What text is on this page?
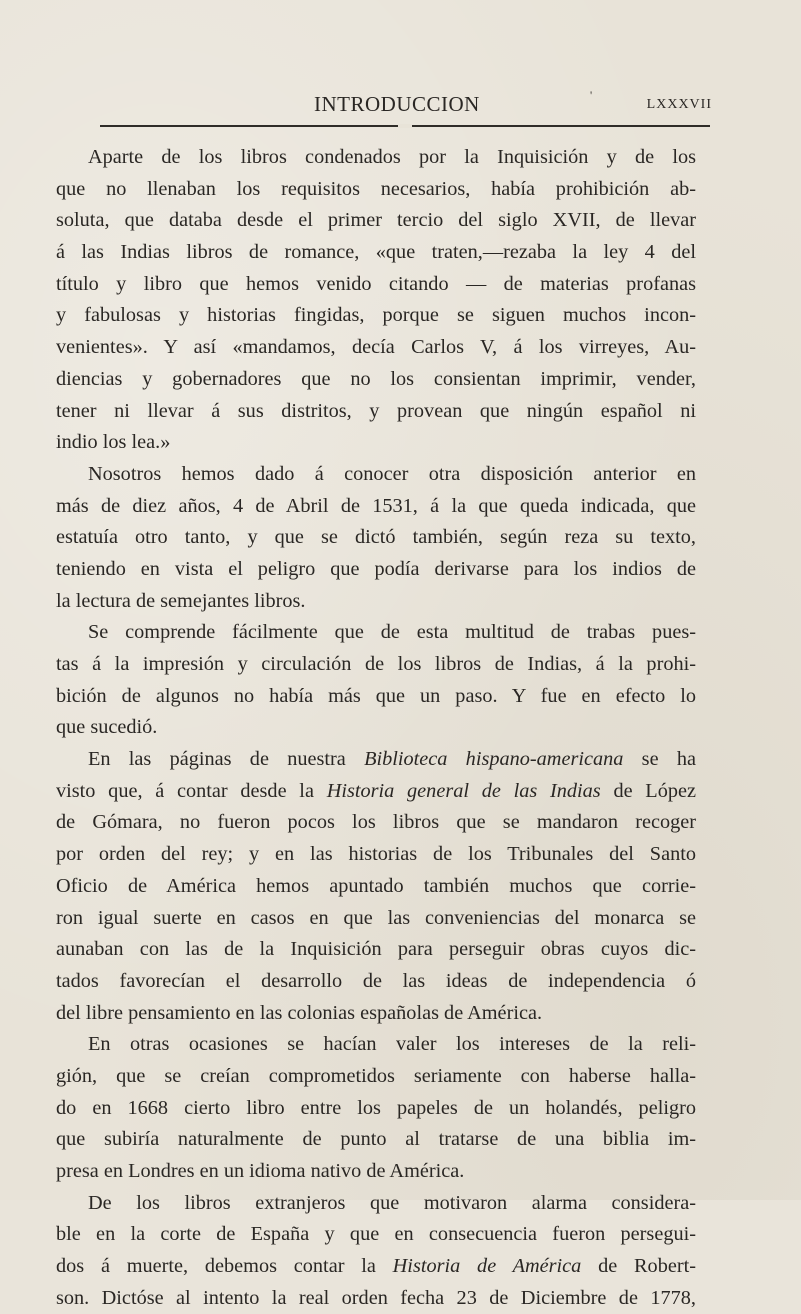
INTRODUCCION	'
LXXXVII
Aparte de los libros condenados por la Inquisición y de los
que no llenaban los requisitos necesarios, había prohibición ab-
soluta, que databa desde el primer tercio del siglo XVII, de llevar
á las Indias libros de romance, «que traten,—rezaba la ley 4 del
título y libro que hemos venido citando — de materias profanas
y fabulosas y historias fingidas, porque se siguen muchos incon-
venientes». Y así «mandamos, decía Carlos V, á los virreyes, Au-
diencias y gobernadores que no los consientan imprimir, vender,
tener ni llevar á sus distritos, y provean que ningún español ni
indio los lea.»
Nosotros hemos dado á conocer otra disposición anterior en
más de diez años, 4 de Abril de 1531, á la que queda indicada, que
estatuía otro tanto, y que se dictó también, según reza su texto,
teniendo en vista el peligro que podía derivarse para los indios de
la lectura de semejantes libros.
Se comprende fácilmente que de esta multitud de trabas pues-
tas á la impresión y circulación de los libros de Indias, á la prohi-
bición de algunos no había más que un paso. Y fue en efecto lo
que sucedió.
En las páginas de nuestra Biblioteca hispano-americana se ha
visto que, á contar desde la Historia general de las Indias de López
de Gómara, no fueron pocos los libros que se mandaron recoger
por orden del rey; y en las historias de los Tribunales del Santo
Oficio de América hemos apuntado también muchos que corrie-
ron igual suerte en casos en que las conveniencias del monarca se
aunaban con las de la Inquisición para perseguir obras cuyos dic-
tados favorecían el desarrollo de las ideas de independencia ó
del libre pensamiento en las colonias españolas de América.
En otras ocasiones se hacían valer los intereses de la reli-
gión, que se creían comprometidos seriamente con haberse halla-
do en 1668 cierto libro entre los papeles de un holandés, peligro
que subiría naturalmente de punto al tratarse de una biblia im-
presa en Londres en un idioma nativo de América.
De los libros extranjeros que motivaron alarma considera-
ble en la corte de España y que en consecuencia fueron persegui-
dos á muerte, debemos contar la Historia de América de Robert-
son. Dictóse al intento la real orden fecha 23 de Diciembre de 1778,
